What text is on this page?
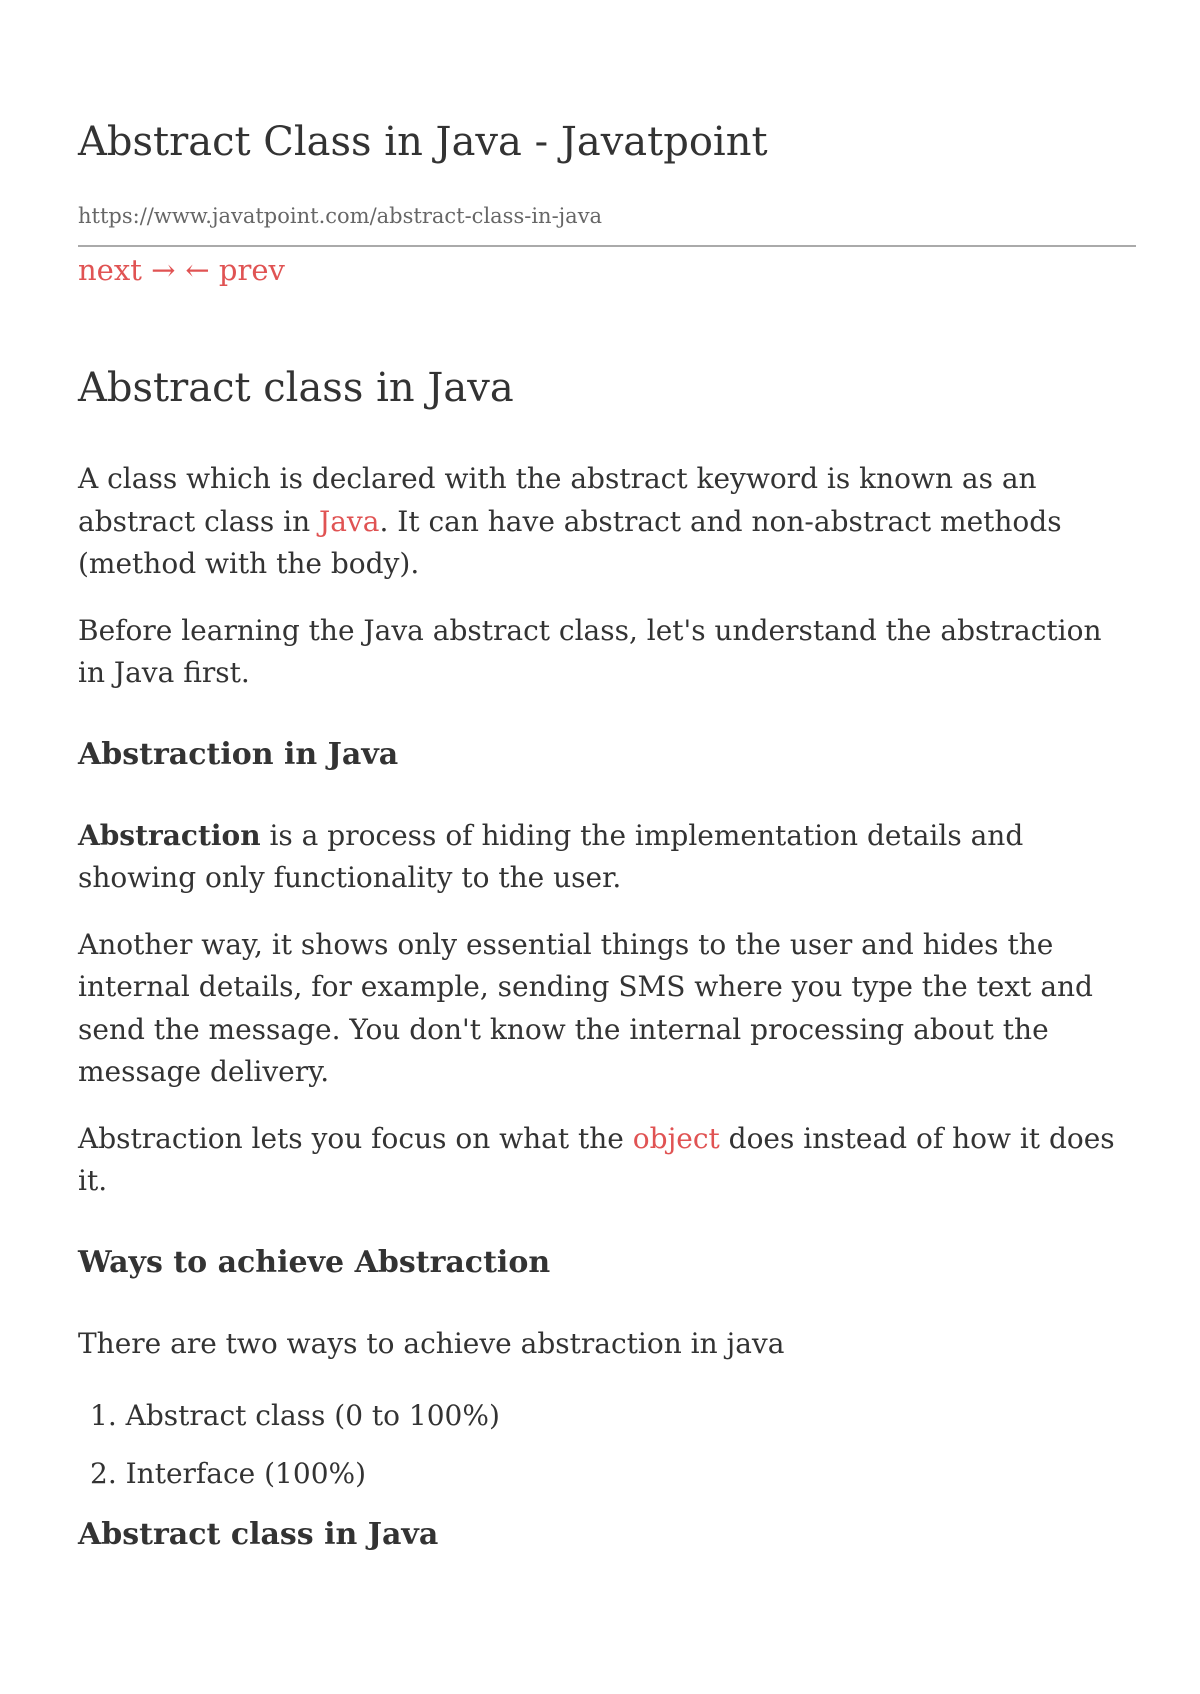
Abstract Class in Java - Javatpoint
https://www.javatpoint.com/abstract-class-in-java
next → ← prev
Abstract class in Java

A class which is declared with the abstract keyword is known as an abstract class in Java. It can have abstract and non-abstract methods (method with the body).

Before learning the Java abstract class, let's understand the abstraction in Java first.

Abstraction in Java

Abstraction is a process of hiding the implementation details and showing only functionality to the user.

Another way, it shows only essential things to the user and hides the internal details, for example, sending SMS where you type the text and send the message. You don't know the internal processing about the message delivery.

Abstraction lets you focus on what the object does instead of how it does it.

Ways to achieve Abstraction

There are two ways to achieve abstraction in java

1. Abstract class (0 to 100%)
2. Interface (100%)
Abstract class in Java
